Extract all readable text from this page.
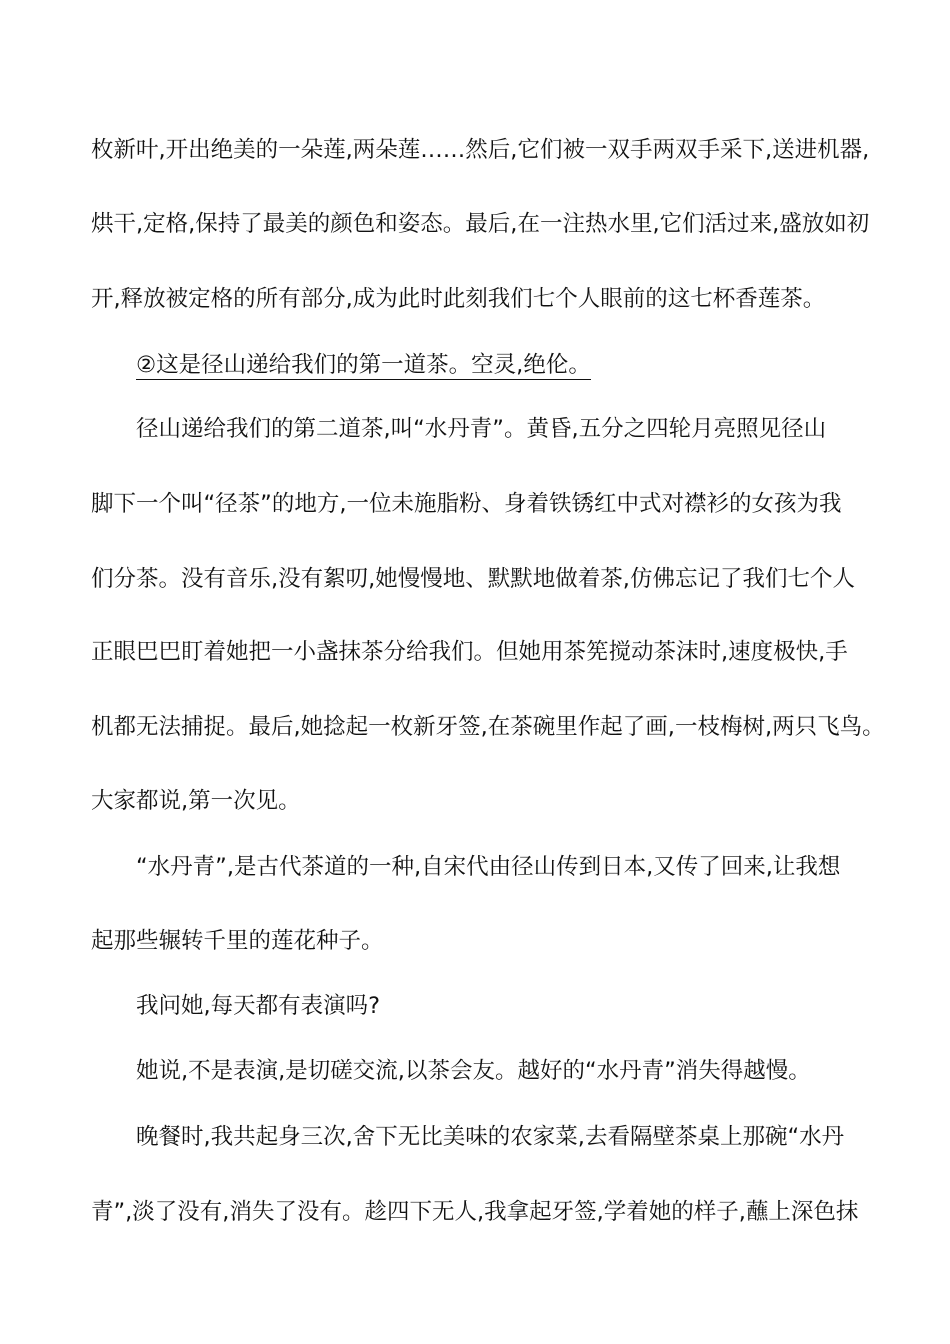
枚新叶,开出绝美的一朵莲,两朵莲……然后,它们被一双手两双手采下,送进机器,
烘干,定格,保持了最美的颜色和姿态。最后,在一注热水里,它们活过来,盛放如初
开,释放被定格的所有部分,成为此时此刻我们七个人眼前的这七杯香莲茶。
②这是径山递给我们的第一道茶。空灵,绝伦。
径山递给我们的第二道茶,叫“水丹青”。黄昏,五分之四轮月亮照见径山
脚下一个叫“径茶”的地方,一位未施脂粉、身着铁锈红中式对襟衫的女孩为我
们分茶。没有音乐,没有絮叨,她慢慢地、默默地做着茶,仿佛忘记了我们七个人
正眼巴巴盯着她把一小盏抹茶分给我们。但她用茶筅搅动茶沫时,速度极快,手
机都无法捕捉。最后,她捻起一枚新牙签,在茶碗里作起了画,一枝梅树,两只飞鸟。
大家都说,第一次见。
“水丹青”,是古代茶道的一种,自宋代由径山传到日本,又传了回来,让我想
起那些辗转千里的莲花种子。
我问她,每天都有表演吗?
她说,不是表演,是切磋交流,以茶会友。越好的“水丹青”消失得越慢。
晚餐时,我共起身三次,舍下无比美味的农家菜,去看隔壁茶桌上那碗“水丹
青”,淡了没有,消失了没有。趁四下无人,我拿起牙签,学着她的样子,蘸上深色抹
